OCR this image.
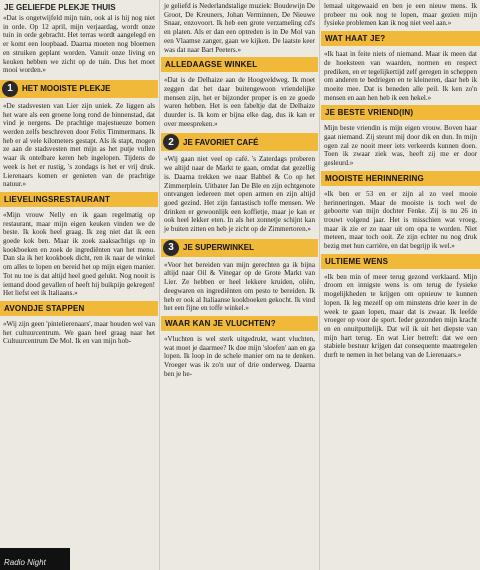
JE GELIEFDE PLEKJE THUIS

«Dat is ongetwijfeld mijn tuin, ook al is hij nog niet in orde. Op 12 april, mijn verjaardag, wordt onze tuin in orde gebracht. Het terras wordt aangelegd en er komt een loopbaad. Daarna moeten nog bloemen en struiken geplant worden. Vanuit onze living en keuken hebben we zicht op de tuin. Dus het moet mooi worden.»

1	HET MOOISTE PLEKJE

«De stadsvesten van Lier zijn uniek. Ze liggen als het ware als een groene long rond de binnenstad, dat vind je nergens. De prachtige majestueuze bomen werden zelfs beschreven door Felix Timmermans. Ik heb er al vele kilometers gestapt. Als ik stapt, mogen ze aan de stadsvesten met mijn as het putje vullen waar ik ontelbare keren heb ingelopen. Tijdens de week is het er rustig, 's zondags is het er vrij druk. Lierenaars komen er genieten van de prachtige natuur.»

LIEVELINGSRESTAURANT

«Mijn vrouw Nelly en ik gaan regelmatig op restaurant, maar mijn eigen keuken vinden we de beste. Ik kook heel graag. Ik zeg niet dat ik een goede kok ben. Maar ik zoek zaaksachtigs op in kookboeken en zoek de ingrediënten van het menu. Dan sla ik het kookboek dicht, ren ik naar de winkel om alles te lopen en bereid het op mijn eigen manier. Tot nu toe is dat altijd heel goed gelukt. Nog nooit is iemand dood gevallen of heeft hij buikpijn gekregen! Het liefst eet ik Italiaans.»

AVONDJE STAPPEN

«Wij zijn geen 'pintelierenaars', maar houden wel van het cultuurcentrum. We gaan heel graag naar het Cultuurcentrum De Mol. Ik en van mijn hob-

Radio Night

je geliefd is Nederlandstalige muziek: Boudewijn De Groot, De Kreuners, Johan Verminnen, De Nieuwe Snaar, enzovoort. Ik heb een grote verzameling cd's en platen. Als er dan een optreden is in De Mol van een Vlaamse zanger, gaan we kijken. De laatste keer was dat naar Bart Peeters.»

ALLEDAAGSE WINKEL

«Dat is de Delhaize aan de Hoogveldweg. Ik moet zeggen dat het daar buitengewoon vriendelijke mensen zijn, het er bijzonder proper is en ze goede waren hebben. Het is een fabeltje dat de Delhaize duurder is. Ik kom er bijna elke dag, dus ik kan er over meespreken.»

2	JE FAVORIET CAFÉ

«Wij gaan niet veel op café. 's Zaterdags proberen we altijd naar de Markt te gaan, omdat dat gezellig is. Daarna trekken we naar Babbel & Co op het Zimmerplein. Uitbater Jan De Ble en zijn echtgenote ontvangen iedereen met open armen en zijn altijd goed gezind. Het zijn fantastisch toffe mensen. We drinken er gewoonlijk een koffietje, maar je kan er ook heel lekker eten. In als het zonnetje schijnt kan je buiten zitten en heb je zicht op de Zimmertoren.»

3	JE SUPERWINKEL

«Voor het bereiden van mijn gerechten ga ik bijna altijd naar Oil & Vinegar op de Grote Markt van Lier. Ze hebben er heel lekkere kruiden, oliën, deegwaren en ingrediënten om pesto te bereiden. Ik heb er ook al Italiaanse kookboeken gekocht. Ik vind het een fijne en toffe winkel.»

WAAR KAN JE VLUCHTEN?

«Vluchten is wel sterk uitgedrukt, want vluchten, wat moet je daarmee? Ik doe mijn 'sloefen' aan en ga lopen. Ik loop in de schele manier om na te denken. Vroeger was ik zo'n uur of drie onderweg. Daarna ben je he-

lemaal uitgewaaid en ben je een nieuw mens. Ik probeer nu ook nog te lopen, maar gezien mijn fysieke problemen kan ik nog niet veel aan.»

WAT HAAT JE?

«Ik haat in feite niets of niemand. Maar ik meen dat de hoeksteen van waarden, normen en respect prediken, en er tegelijkertijd zelf geregen in scheppen om anderen te bedriegen en te kleineren, daar heb ik moeite mee. Dat is beneden alle peil. Ik ken zo'n mensen en aan hen heb ik een hekel.»

JE BESTE VRIEND(IN)

Mijn beste vriendin is mijn eigen vrouw. Boven haar gaat niemand. Zij steunt mij door dik en dun. In mijn ogen zal ze nooit meer iets verkeerds kunnen doen. Toen ik zwaar ziek was, heeft zij me er door gesleurd.»

MOOISTE HERINNERING

«Ik ben er 53 en er zijn al zo veel mooie herinneringen. Maar de mooiste is toch wel de geboorte van mijn dochter Fenke. Zij is nu 26 in trouwt volgend jaar. Het is misschien wat vroeg, maar ik zie er zo naar uit om opa te worden. Niet meteen, maar toch ooit. Ze zijn echter nu nog druk bezig met hun carrière, en dat begrijp ik wel.»

ULTIEME WENS

«Ik ben min of meer terug gezond verklaard. Mijn droom en innigste wens is om terug de fysieke mogelijkheden te krijgen om opnieuw te kunnen lopen. Ik leg mezelf op om minstens drie keer in de week te gaan lopen, maar dat is zwaar. Ik leefde vroeger op voor de sport. Ieder gezonden mijn kracht en en onuitputtelijk. Dat wil ik uit het diepste van mijn hart terug. En wat Lier betreft: dat we een stabiele bestuur krijgen dat consequente maatregelen durft te nemen in het belang van de Lierenaars.»
